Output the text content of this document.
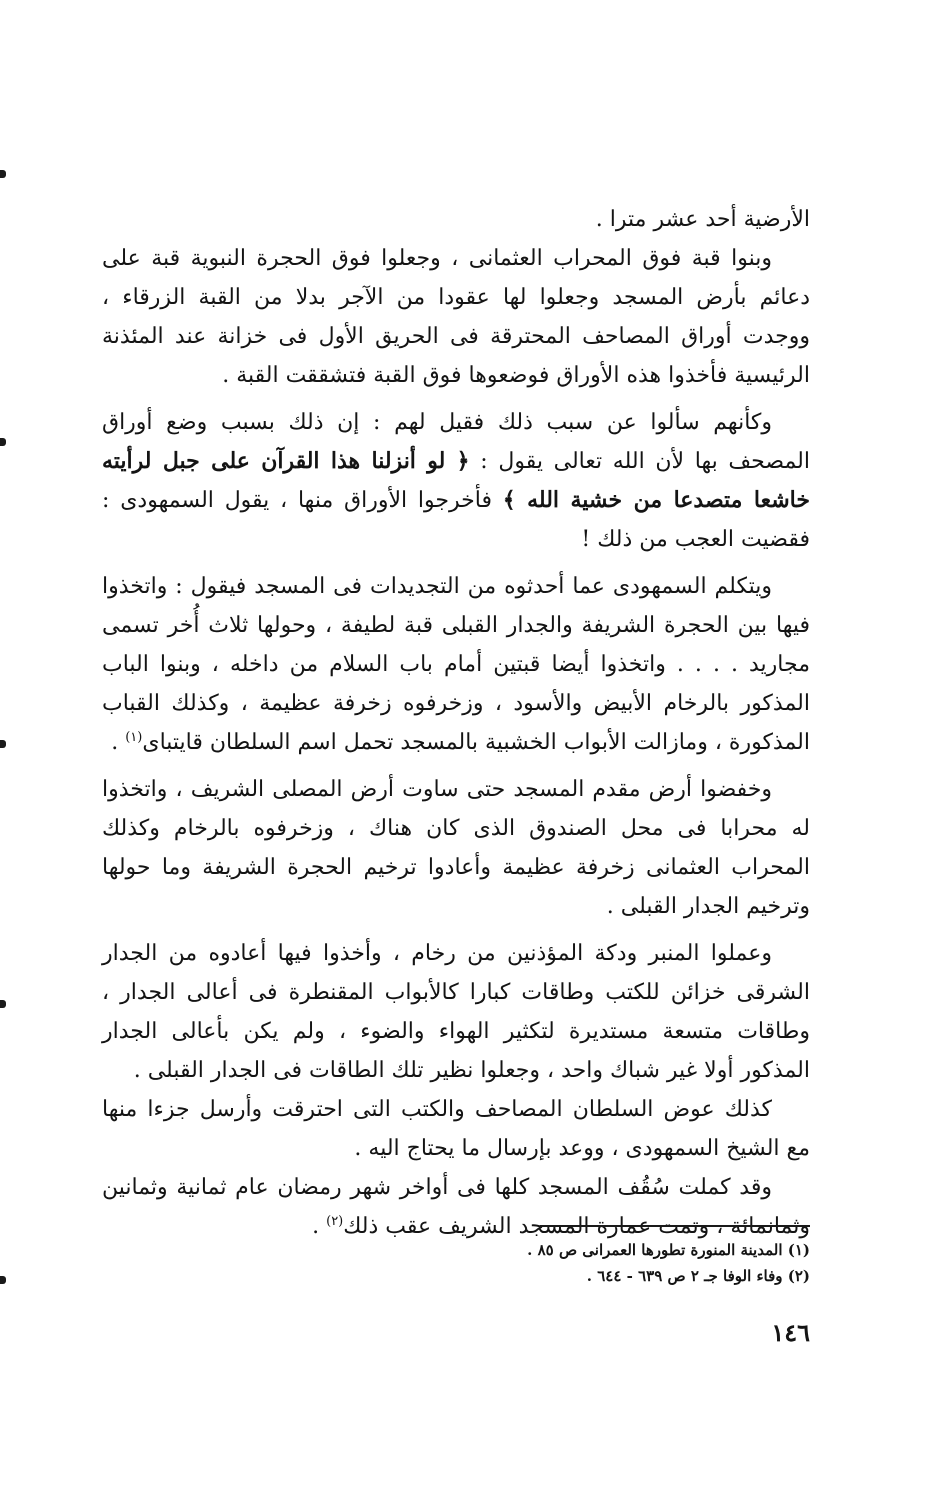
الأرضية أحد عشر مترا .

وبنوا قبة فوق المحراب العثمانى ، وجعلوا فوق الحجرة النبوية قبة على دعائم بأرض المسجد وجعلوا لها عقودا من الآجر بدلا من القبة الزرقاء ، ووجدت أوراق المصاحف المحترقة فى الحريق الأول فى خزانة عند المئذنة الرئيسية فأخذوا هذه الأوراق فوضعوها فوق القبة فتشققت القبة .

وكأنهم سألوا عن سبب ذلك فقيل لهم : إن ذلك بسبب وضع أوراق المصحف بها لأن الله تعالى يقول : ﴿ لو أنزلنا هذا القرآن على جبل لرأيته خاشعا متصدعا من خشية الله ﴾ فأخرجوا الأوراق منها ، يقول السمهودى : فقضيت العجب من ذلك !

ويتكلم السمهودى عما أحدثوه من التجديدات فى المسجد فيقول : واتخذوا فيها بين الحجرة الشريفة والجدار القبلى قبة لطيفة ، وحولها ثلاث أُخر تسمى مجاريد . . . . واتخذوا أيضا قبتين أمام باب السلام من داخله ، وبنوا الباب المذكور بالرخام الأبيض والأسود ، وزخرفوه زخرفة عظيمة ، وكذلك القباب المذكورة ، ومازالت الأبواب الخشبية بالمسجد تحمل اسم السلطان قايتباى$^{(١)}$ .

وخفضوا أرض مقدم المسجد حتى ساوت أرض المصلى الشريف ، واتخذوا له محرابا فى محل الصندوق الذى كان هناك ، وزخرفوه بالرخام وكذلك المحراب العثمانى زخرفة عظيمة وأعادوا ترخيم الحجرة الشريفة وما حولها وترخيم الجدار القبلى .

وعملوا المنبر ودكة المؤذنين من رخام ، وأخذوا فيها أعادوه من الجدار الشرقى خزائن للكتب وطاقات كبارا كالأبواب المقنطرة فى أعالى الجدار ، وطاقات متسعة مستديرة لتكثير الهواء والضوء ، ولم يكن بأعالى الجدار المذكور أولا غير شباك واحد ، وجعلوا نظير تلك الطاقات فى الجدار القبلى .

كذلك عوض السلطان المصاحف والكتب التى احترقت وأرسل جزءا منها مع الشيخ السمهودى ، ووعد بإرسال ما يحتاج اليه .

وقد كملت سُقُف المسجد كلها فى أواخر شهر رمضان عام ثمانية وثمانين وثمانمائة ، وتمت عمارة المسجد الشريف عقب ذلك$^{(٢)}$ .

(١) المدينة المنورة تطورها العمرانى ص ٨٥ .
(٢) وفاء الوفا جـ ٢ ص ٦٣٩ - ٦٤٤ .
١٤٦
